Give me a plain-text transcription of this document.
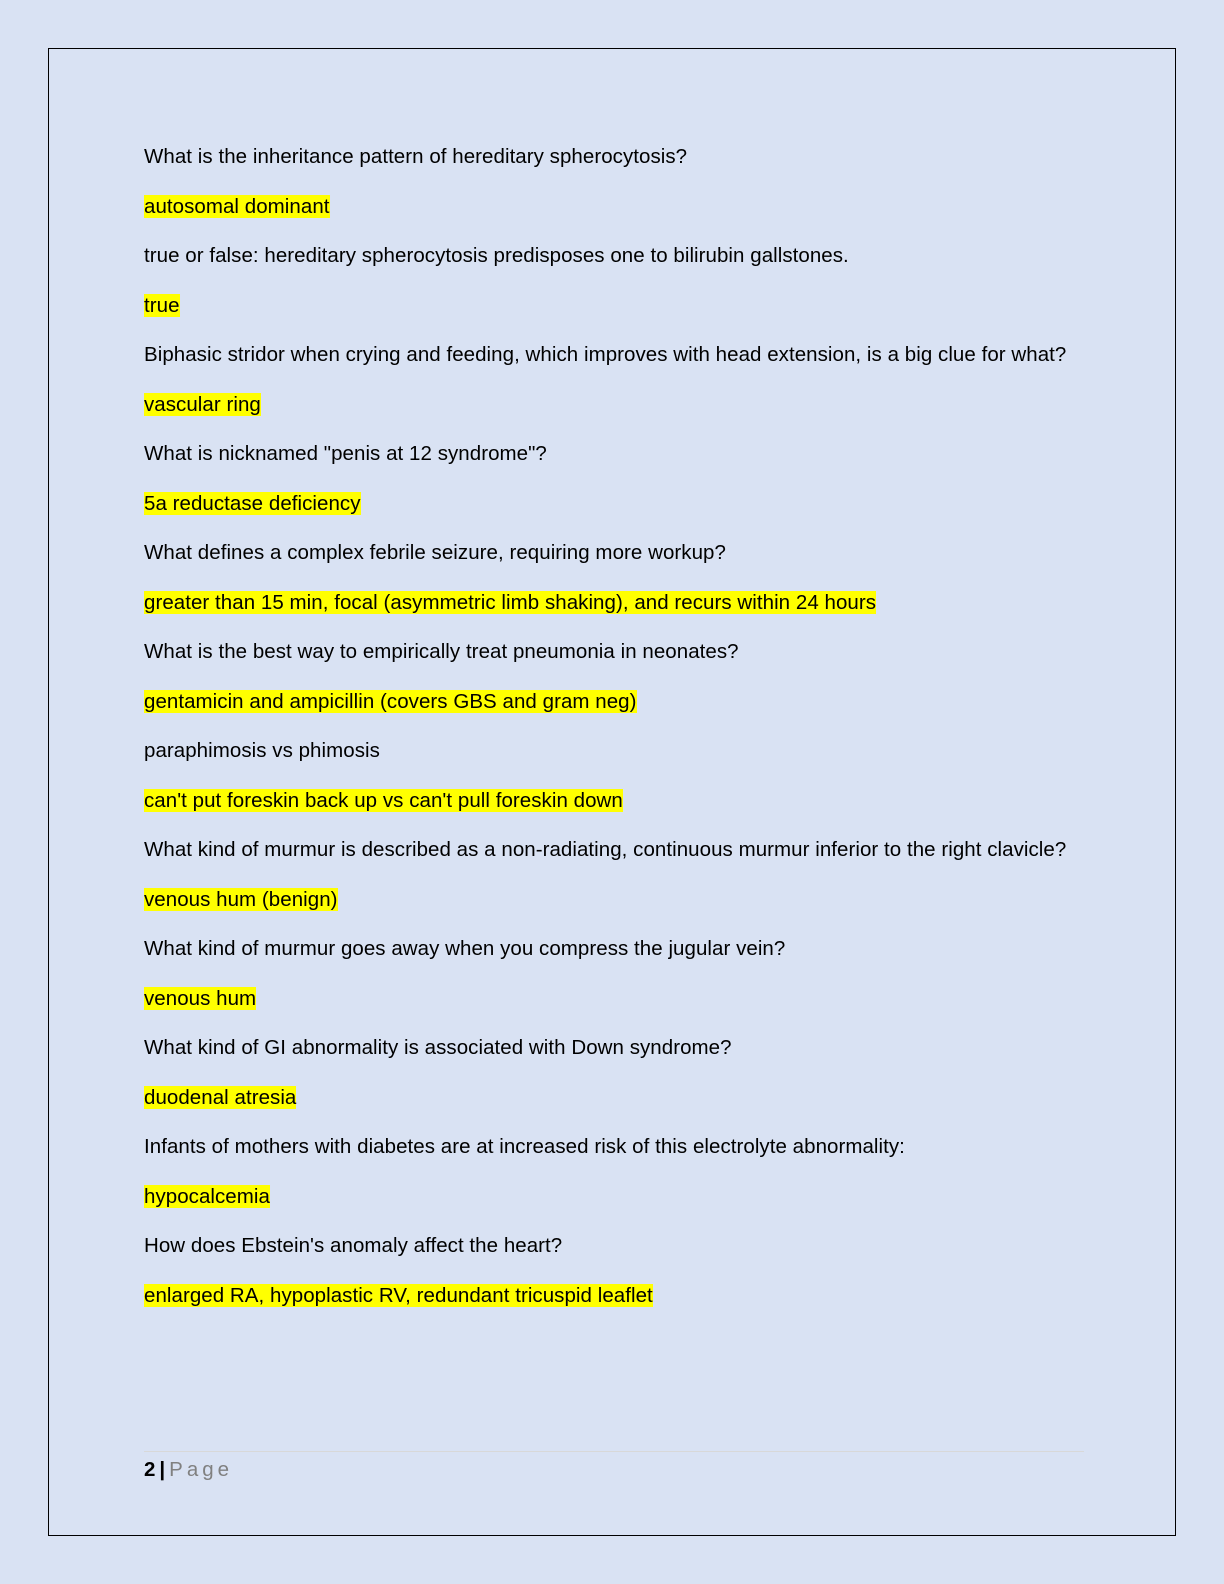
What is the inheritance pattern of hereditary spherocytosis?

autosomal dominant

true or false: hereditary spherocytosis predisposes one to bilirubin gallstones.

true

Biphasic stridor when crying and feeding, which improves with head extension, is a big clue for what?

vascular ring

What is nicknamed "penis at 12 syndrome"?

5a reductase deficiency

What defines a complex febrile seizure, requiring more workup?

greater than 15 min, focal (asymmetric limb shaking), and recurs within 24 hours

What is the best way to empirically treat pneumonia in neonates?

gentamicin and ampicillin (covers GBS and gram neg)

paraphimosis vs phimosis

can't put foreskin back up vs can't pull foreskin down

What kind of murmur is described as a non-radiating, continuous murmur inferior to the right clavicle?

venous hum (benign)

What kind of murmur goes away when you compress the jugular vein?

venous hum

What kind of GI abnormality is associated with Down syndrome?

duodenal atresia

Infants of mothers with diabetes are at increased risk of this electrolyte abnormality:

hypocalcemia

How does Ebstein's anomaly affect the heart?

enlarged RA, hypoplastic RV, redundant tricuspid leaflet

2 | Page
